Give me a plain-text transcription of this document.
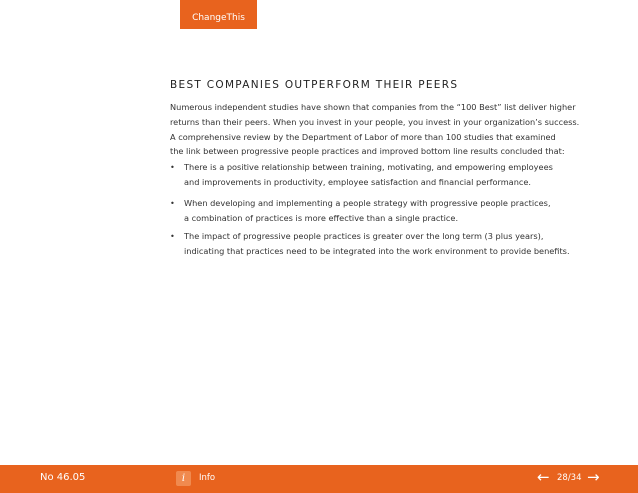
ChangeThis
BEST COMPANIES OUTPERFORM THEIR PEERS

Numerous independent studies have shown that companies from the “100 Best” list deliver higher

returns than their peers. When you invest in your people, you invest in your organization’s success.

A comprehensive review by the Department of Labor of more than 100 studies that examined

the link between progressive people practices and improved bottom line results concluded that:

• There is a positive relationship between training, motivating, and empowering employees
and improvements in productivity, employee satisfaction and financial performance.
• When developing and implementing a people strategy with progressive people practices,
a combination of practices is more effective than a single practice.
• The impact of progressive people practices is greater over the long term (3 plus years),
indicating that practices need to be integrated into the work environment to provide benefits.
No 46.05	i	Info	← 28/34 →
